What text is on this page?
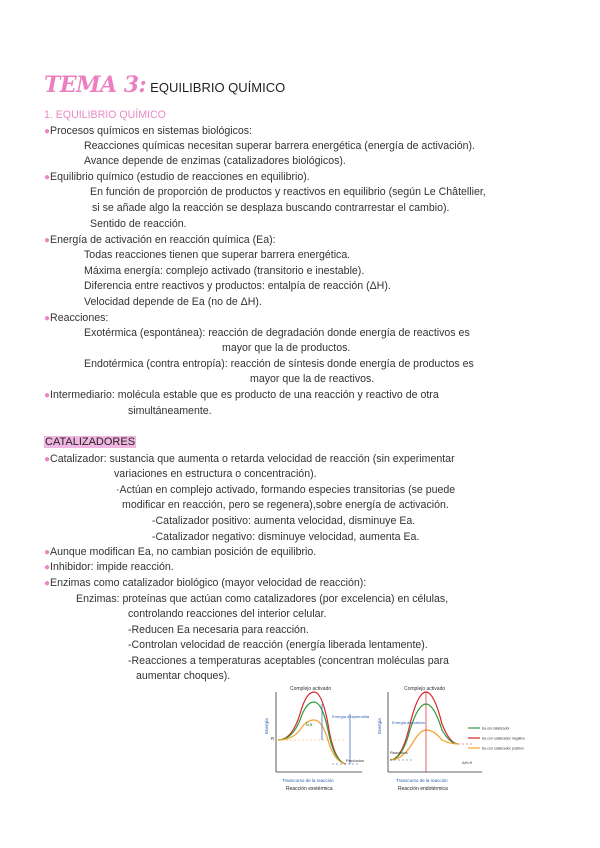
TEMA 3: EQUILIBRIO QUÍMICO
1. EQUILIBRIO QUÍMICO
●Procesos químicos en sistemas biológicos:
Reacciones químicas necesitan superar barrera energética (energía de activación).
Avance depende de enzimas (catalizadores biológicos).
●Equilibrio químico (estudio de reacciones en equilibrio).
En función de proporción de productos y reactivos en equilibrio (según Le Châtellier,
si se añade algo la reacción se desplaza buscando contrarrestar el cambio).
Sentido de reacción.
●Energía de activación en reacción química (Ea):
Todas reacciones tienen que superar barrera energética.
Máxima energía: complejo activado (transitorio e inestable).
Diferencia entre reactivos y productos: entalpía de reacción (ΔH).
Velocidad depende de Ea (no de ΔH).
●Reacciones:
Exotérmica (espontánea): reacción de degradación donde energía de reactivos es
mayor que la de productos.
Endotérmica (contra entropía): reacción de síntesis donde energía de productos es
mayor que la de reactivos.
●Intermediario: molécula estable que es producto de una reacción y reactivo de otra
simultáneamente.
CATALIZADORES
●Catalizador: sustancia que aumenta o retarda velocidad de reacción (sin experimentar
variaciones en estructura o concentración).
·Actúan en complejo activado, formando especies transitorias (se puede
modificar en reacción, pero se regenera),sobre energía de activación.
-Catalizador positivo: aumenta velocidad, disminuye Ea.
-Catalizador negativo: disminuye velocidad, aumenta Ea.
●Aunque modifican Ea, no cambian posición de equilibrio.
●Inhibidor: impide reacción.
●Enzimas como catalizador biológico (mayor velocidad de reacción):
Enzimas: proteínas que actúan como catalizadores (por excelencia) en células,
controlando reacciones del interior celular.
-Reducen Ea necesaria para reacción.
-Controlan velocidad de reacción (energía liberada lentamente).
-Reacciones a temperaturas aceptables (concentran moléculas para
aumentar choques).
Complejo activado
Energía	Ea
Energía desprendida
R
Productos
Transcurso de la reacción
Reacción exotérmica
Complejo activado
Energía	Energía absorbida
Reactivos
ΔH>0
Transcurso de la reacción
Reacción endotérmica
Ea sin catalizador
Ea con catalizador negativo
Ea con catalizador positivo
